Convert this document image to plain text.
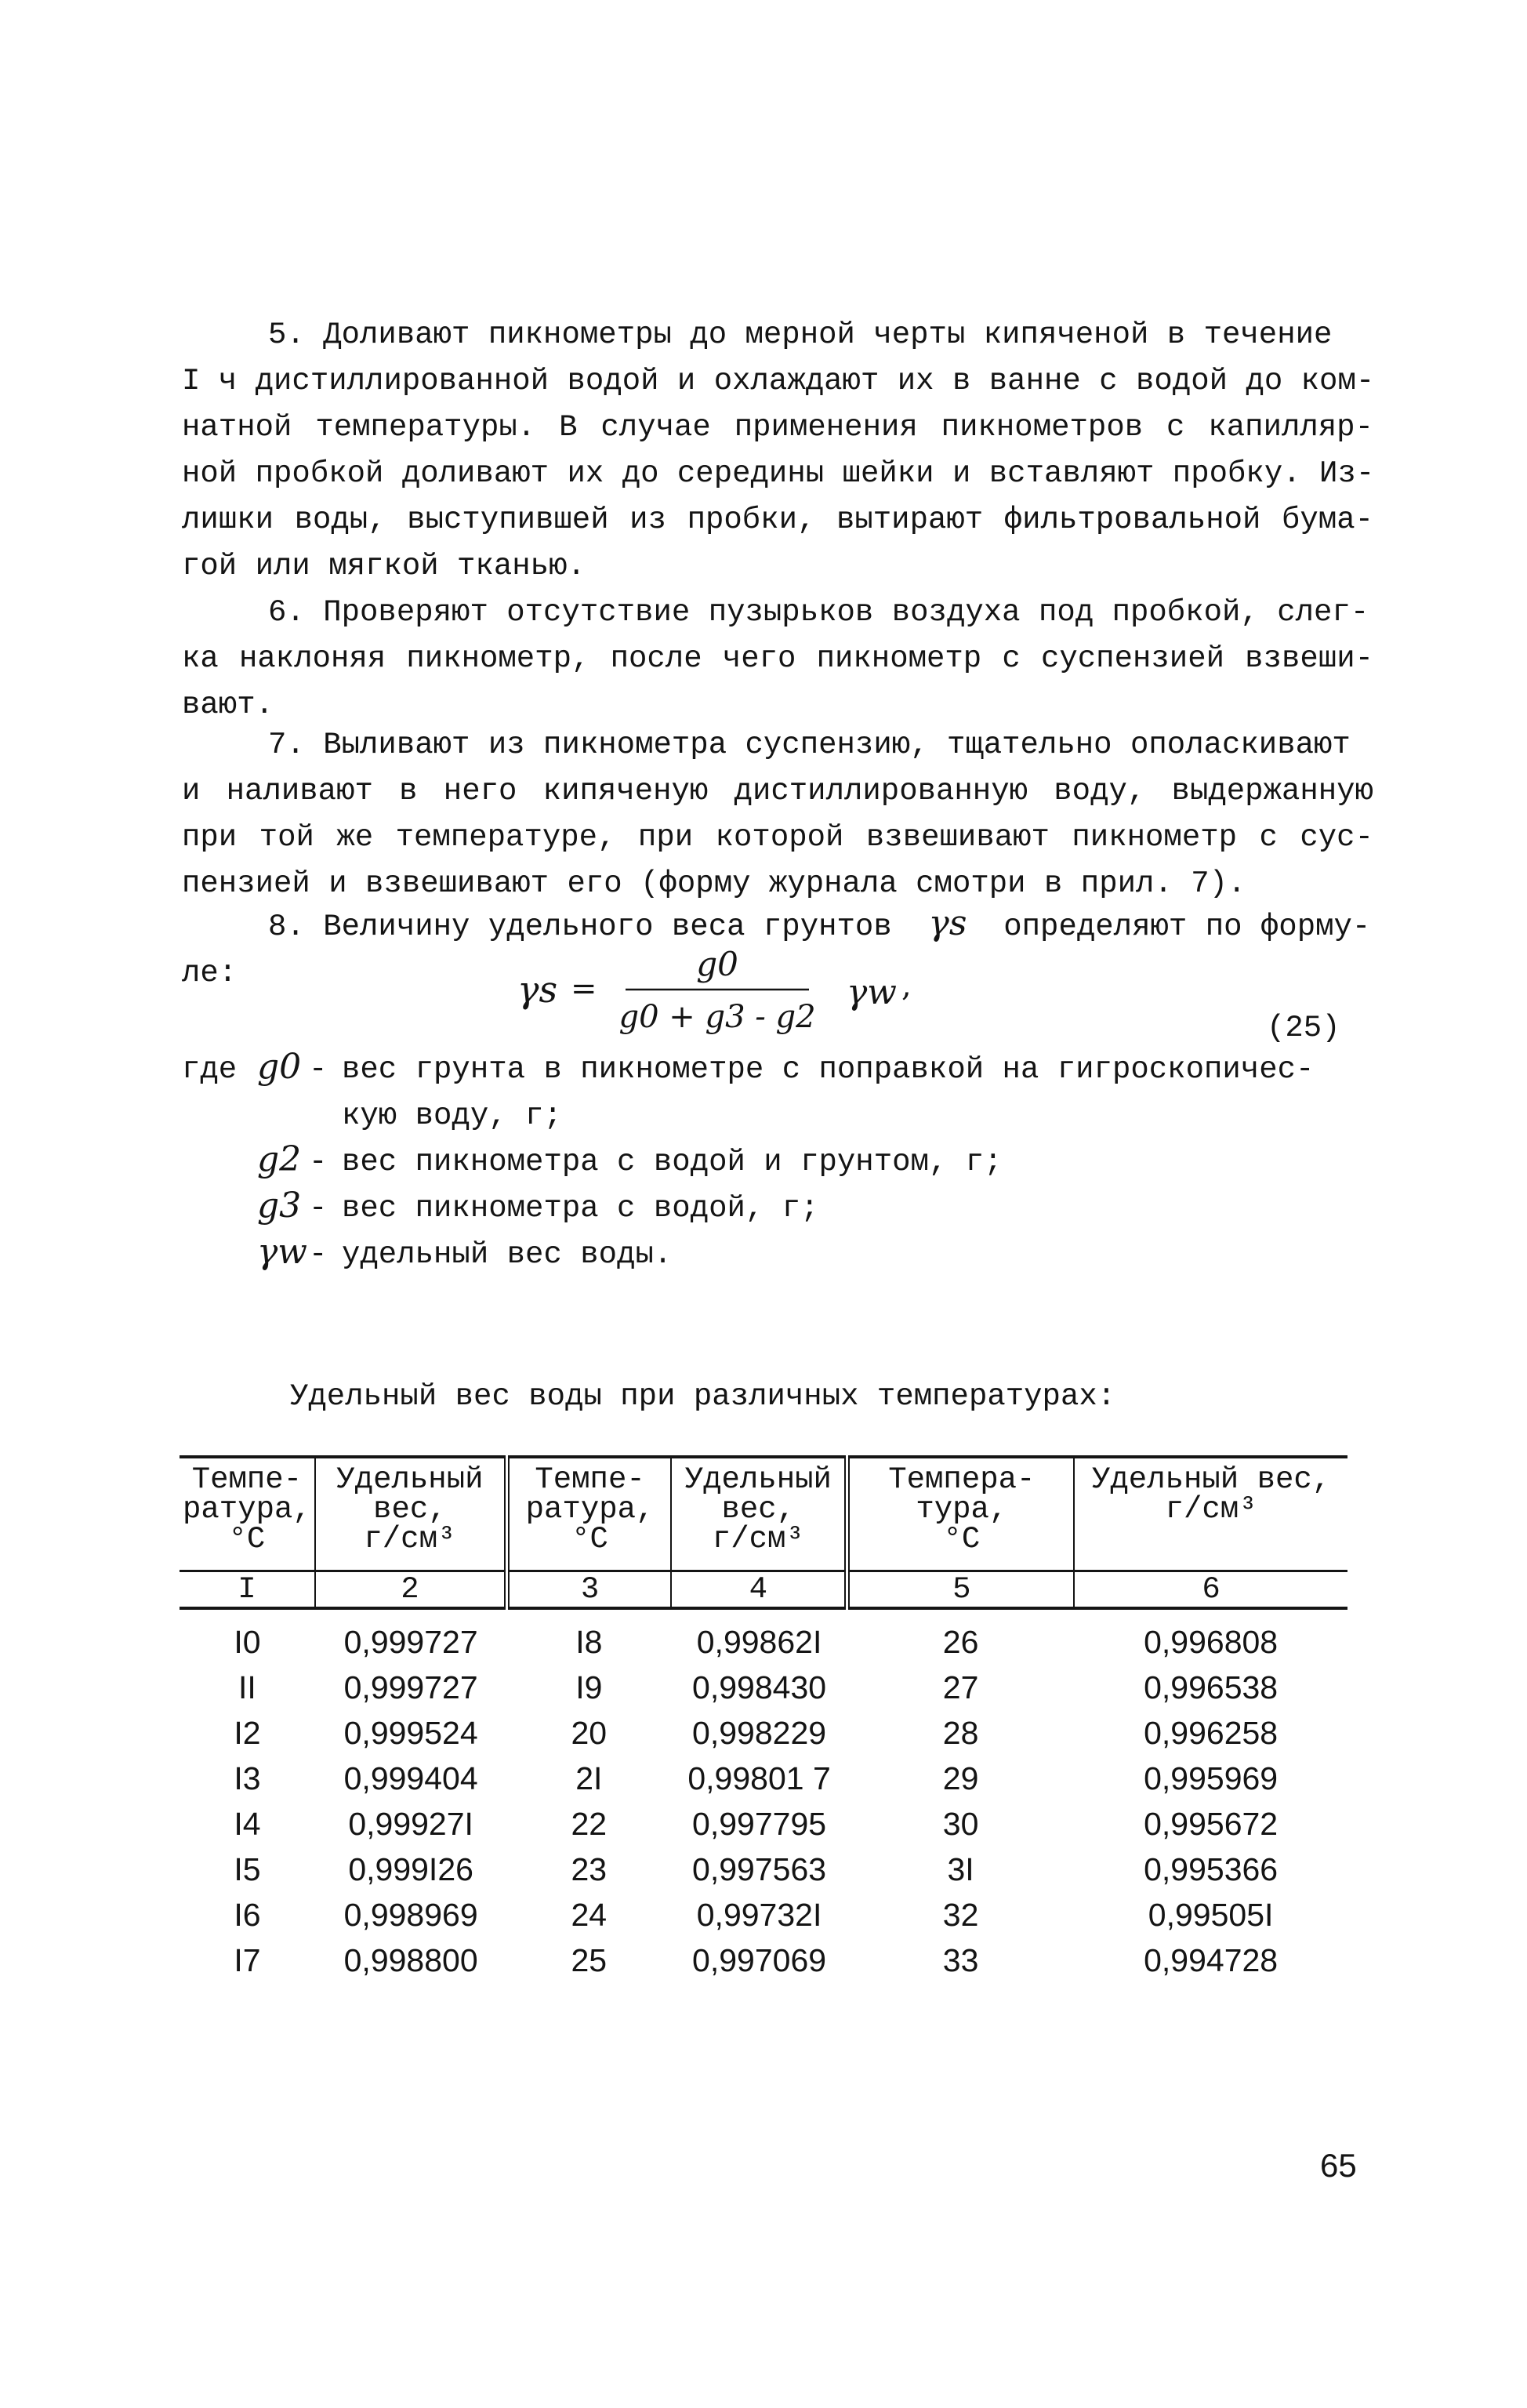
5. Доливают пикнометры до мерной черты кипяченой в течение
I ч дистиллированной водой и охлаждают их в ванне с водой до ком-
натной температуры. В случае применения пикнометров с капилляр-
ной пробкой доливают их до середины шейки и вставляют пробку. Из-
лишки воды, выступившей из пробки, вытирают фильтровальной бума-
гой или мягкой тканью.
6. Проверяют отсутствие пузырьков воздуха под пробкой, слег-
ка наклоняя пикнометр, после чего пикнометр с суспензией взвеши-
вают.
7. Выливают из пикнометра суспензию, тщательно ополаскивают
и наливают в него кипяченую дистиллированную воду, выдержанную
при той же температуре, при которой взвешивают пикнометр с сус-
пензией и взвешивают его (форму журнала смотри в прил. 7).
8. Величину удельного веса грунтов γs определяют по форму-
ле:	γs =
g0
g0 + g3 - g2
γw ,
(25)
где g0 - вес грунта в пикнометре с поправкой на гигроскопичес-
кую воду, г;
g2 - вес пикнометра с водой и грунтом, г;
g3 - вес пикнометра с водой, г;
γw - удельный вес воды.
Удельный вес воды при различных температурах:
Темпе-
ратура,
°С	Удельный
вес,
г/см³	Темпе-
ратура,
°С	Удельный
вес,
г/см³	Темпера-
тура,
°С	Удельный вес,
г/см³
I	2	3	4	5	6
I0	0,999727	I8	0,99862I	26	0,996808
II	0,999727	I9	0,998430	27	0,996538
I2	0,999524	20	0,998229	28	0,996258
I3	0,999404	2I	0,99801 7	29	0,995969
I4	0,99927I	22	0,997795	30	0,995672
I5	0,999I26	23	0,997563	3I	0,995366
I6	0,998969	24	0,99732I	32	0,99505I
I7	0,998800	25	0,997069	33	0,994728
65
